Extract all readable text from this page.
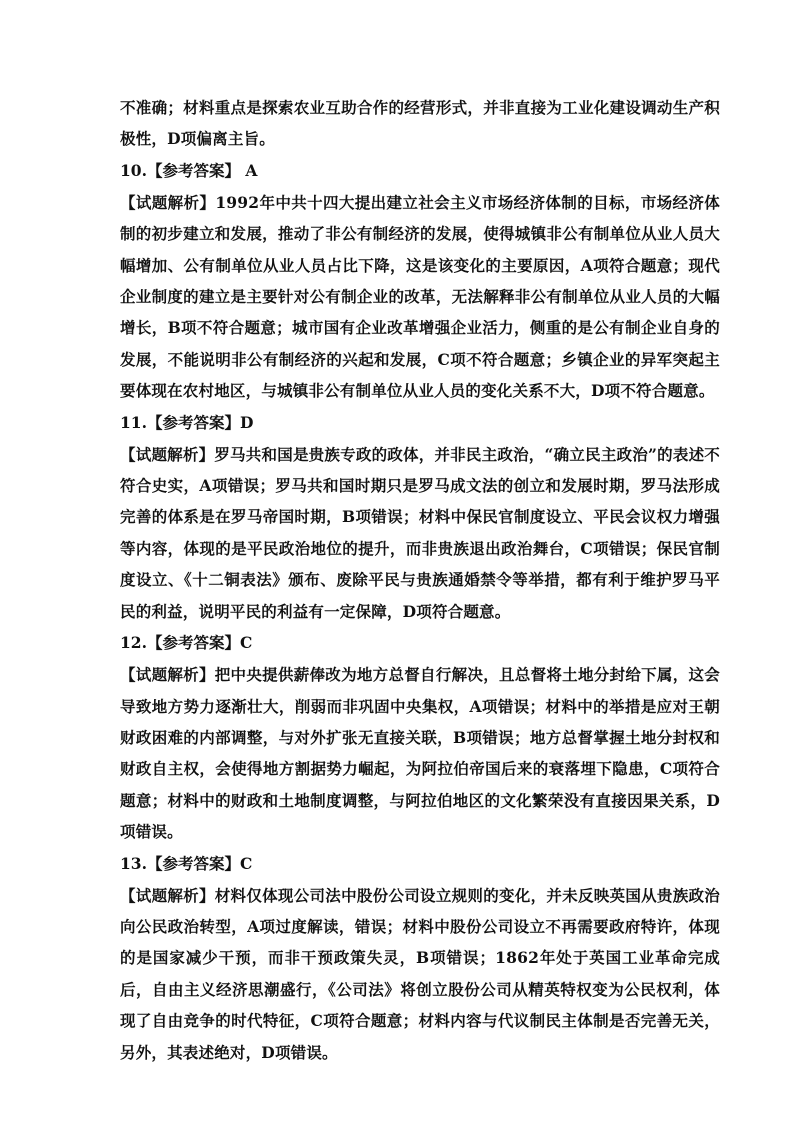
不准确；材料重点是探索农业互助合作的经营形式，并非直接为工业化建设调动生产积极性，D项偏离主旨。

10.【参考答案】 A

【试题解析】1992年中共十四大提出建立社会主义市场经济体制的目标，市场经济体制的初步建立和发展，推动了非公有制经济的发展，使得城镇非公有制单位从业人员大幅增加、公有制单位从业人员占比下降，这是该变化的主要原因，A项符合题意；现代企业制度的建立是主要针对公有制企业的改革，无法解释非公有制单位从业人员的大幅增长，B项不符合题意；城市国有企业改革增强企业活力，侧重的是公有制企业自身的发展，不能说明非公有制经济的兴起和发展，C项不符合题意；乡镇企业的异军突起主要体现在农村地区，与城镇非公有制单位从业人员的变化关系不大，D项不符合题意。

11.【参考答案】D

【试题解析】罗马共和国是贵族专政的政体，并非民主政治，“确立民主政治”的表述不符合史实，A项错误；罗马共和国时期只是罗马成文法的创立和发展时期，罗马法形成完善的体系是在罗马帝国时期，B项错误；材料中保民官制度设立、平民会议权力增强等内容，体现的是平民政治地位的提升，而非贵族退出政治舞台，C项错误；保民官制度设立、《十二铜表法》颁布、废除平民与贵族通婚禁令等举措，都有利于维护罗马平民的利益，说明平民的利益有一定保障，D项符合题意。

12.【参考答案】C

【试题解析】把中央提供薪俸改为地方总督自行解决，且总督将土地分封给下属，这会导致地方势力逐渐壮大，削弱而非巩固中央集权，A项错误；材料中的举措是应对王朝财政困难的内部调整，与对外扩张无直接关联，B项错误；地方总督掌握土地分封权和财政自主权，会使得地方割据势力崛起，为阿拉伯帝国后来的衰落埋下隐患，C项符合题意；材料中的财政和土地制度调整，与阿拉伯地区的文化繁荣没有直接因果关系，D项错误。

13.【参考答案】C

【试题解析】材料仅体现公司法中股份公司设立规则的变化，并未反映英国从贵族政治向公民政治转型，A项过度解读，错误；材料中股份公司设立不再需要政府特许，体现的是国家减少干预，而非干预政策失灵，B项错误；1862年处于英国工业革命完成后，自由主义经济思潮盛行，《公司法》将创立股份公司从精英特权变为公民权利，体现了自由竞争的时代特征，C项符合题意；材料内容与代议制民主体制是否完善无关，另外，其表述绝对，D项错误。
